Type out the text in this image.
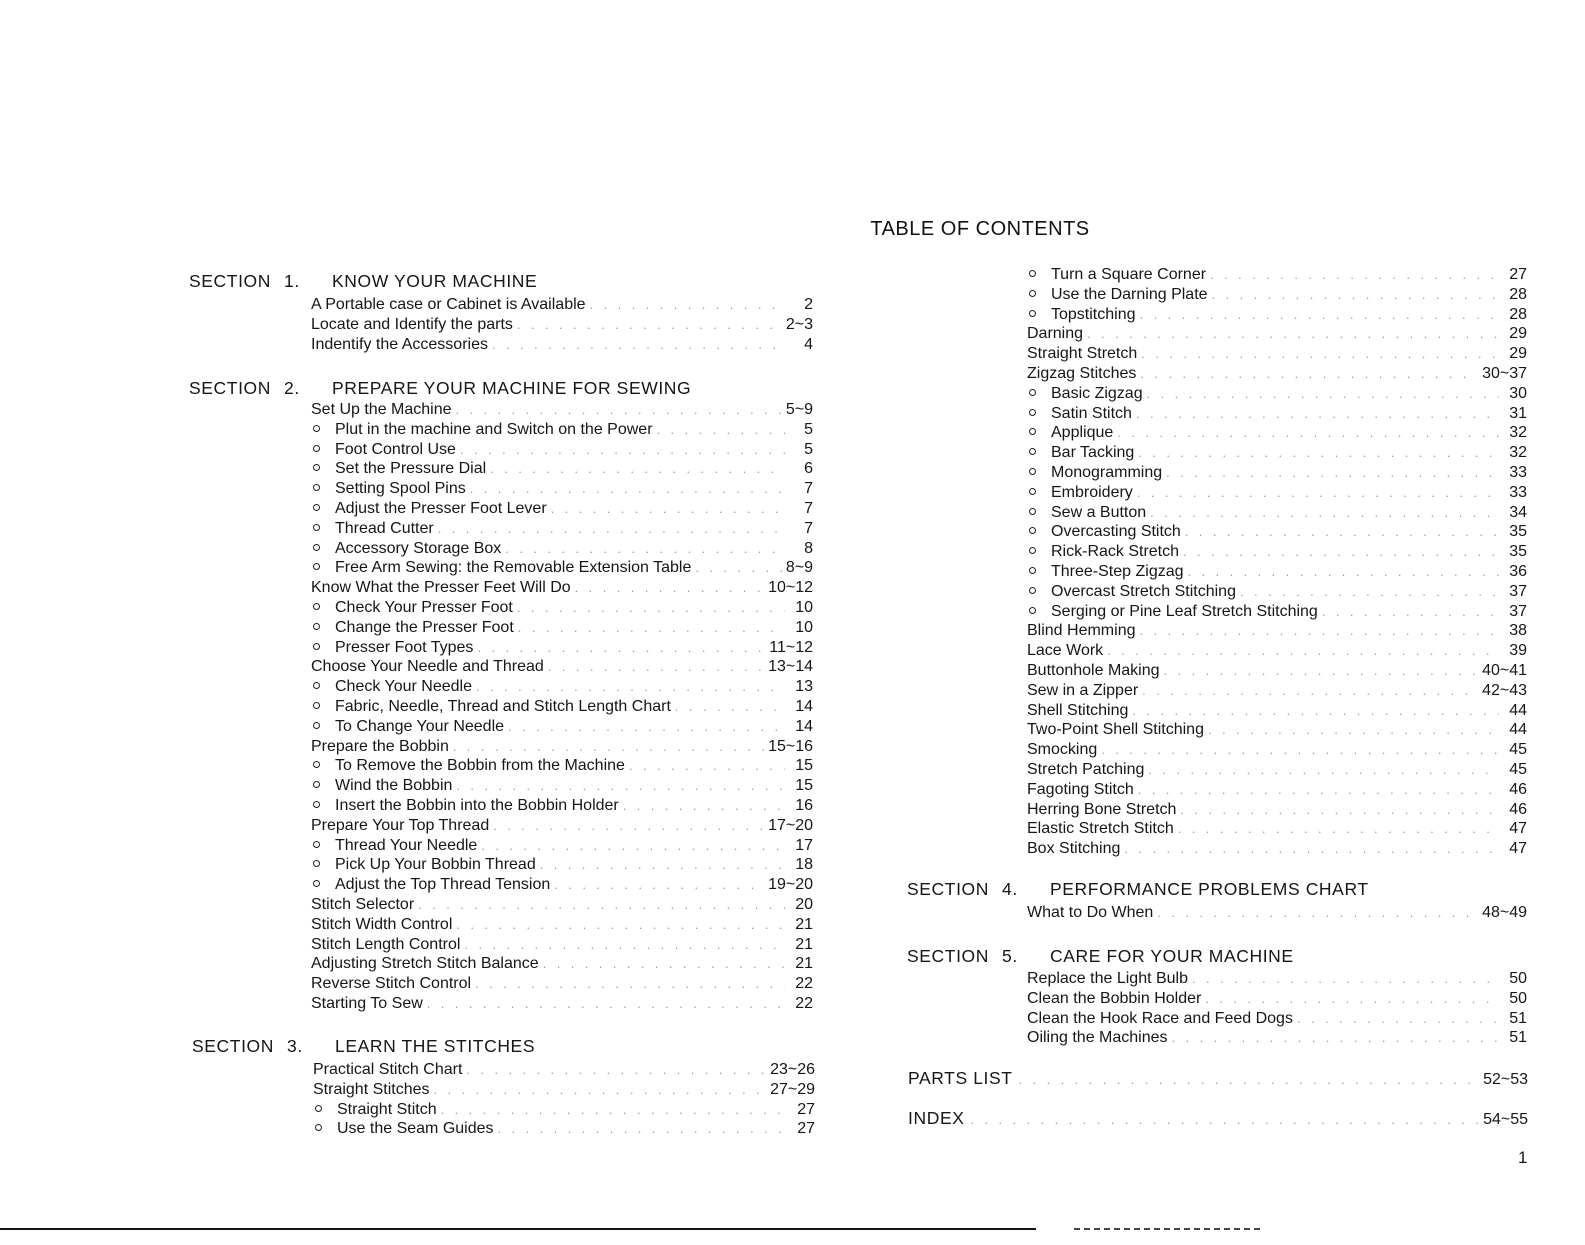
TABLE OF CONTENTS
SECTION 1. KNOW YOUR MACHINE
A Portable case or Cabinet is Available . . .	2
Locate and Identify the parts . . .	2~3
Indentify the Accessories . . .	4
SECTION 2. PREPARE YOUR MACHINE FOR SEWING
Set Up the Machine . . .	5~9
Plut in the machine and Switch on the Power . . .	5
Foot Control Use . . .	5
Set the Pressure Dial . . .	6
Setting Spool Pins . . .	7
Adjust the Presser Foot Lever . . .	7
Thread Cutter . . .	7
Accessory Storage Box . . .	8
Free Arm Sewing: the Removable Extension Table . . .	8~9
Know What the Presser Feet Will Do . . .	10~12
Check Your Presser Foot . . .	10
Change the Presser Foot . . .	10
Presser Foot Types . . .	11~12
Choose Your Needle and Thread . . .	13~14
Check Your Needle . . .	13
Fabric, Needle, Thread and Stitch Length Chart . . .	14
To Change Your Needle . . .	14
Prepare the Bobbin . . .	15~16
To Remove the Bobbin from the Machine . . .	15
Wind the Bobbin . . .	15
Insert the Bobbin into the Bobbin Holder . . .	16
Prepare Your Top Thread . . .	17~20
Thread Your Needle . . .	17
Pick Up Your Bobbin Thread . . .	18
Adjust the Top Thread Tension . . .	19~20
Stitch Selector . . .	20
Stitch Width Control . . .	21
Stitch Length Control . . .	21
Adjusting Stretch Stitch Balance . . .	21
Reverse Stitch Control . . .	22
Starting To Sew . . .	22
SECTION 3. LEARN THE STITCHES
Practical Stitch Chart . . .	23~26
Straight Stitches . . .	27~29
Straight Stitch . . .	27
Use the Seam Guides . . .	27
Turn a Square Corner . . .	27
Use the Darning Plate . . .	28
Topstitching . . .	28
Darning . . .	29
Straight Stretch . . .	29
Zigzag Stitches . . .	30~37
Basic Zigzag . . .	30
Satin Stitch . . .	31
Applique . . .	32
Bar Tacking . . .	32
Monogramming . . .	33
Embroidery . . .	33
Sew a Button . . .	34
Overcasting Stitch . . .	35
Rick-Rack Stretch . . .	35
Three-Step Zigzag . . .	36
Overcast Stretch Stitching . . .	37
Serging or Pine Leaf Stretch Stitching . . .	37
Blind Hemming . . .	38
Lace Work . . .	39
Buttonhole Making . . .	40~41
Sew in a Zipper . . .	42~43
Shell Stitching . . .	44
Two-Point Shell Stitching . . .	44
Smocking . . .	45
Stretch Patching . . .	45
Fagoting Stitch . . .	46
Herring Bone Stretch . . .	46
Elastic Stretch Stitch . . .	47
Box Stitching . . .	47
SECTION 4. PERFORMANCE PROBLEMS CHART
What to Do When . . .	48~49
SECTION 5. CARE FOR YOUR MACHINE
Replace the Light Bulb . . .	50
Clean the Bobbin Holder . . .	50
Clean the Hook Race and Feed Dogs . . .	51
Oiling the Machines . . .	51
PARTS LIST . . .	52~53
INDEX . . .	54~55
1
